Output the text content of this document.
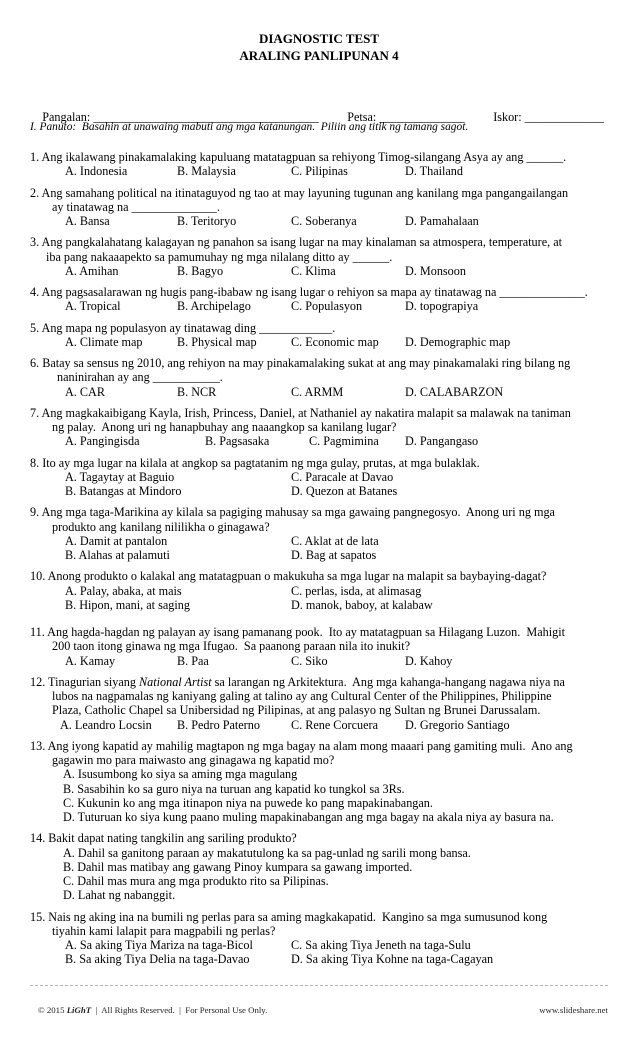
DIAGNOSTIC TEST
ARALING PANLIPUNAN 4

Pangalan: _____________________________________
	Petsa: ______________
	Iskor: _____________

I. Panuto:  Basahin at unawaing mabuti ang mga katanungan.  Piliin ang titik ng tamang sagot.
1. Ang ikalawang pinakamalaking kapuluang matatagpuan sa rehiyong Timog-silangang Asya ay ang ______.
A. Indonesia	B. Malaysia	C. Pilipinas	D. Thailand
2. Ang samahang political na itinataguyod ng tao at may layuning tugunan ang kanilang mga pangangailangan
ay tinatawag na ______________.
A. Bansa	B. Teritoryo	C. Soberanya	D. Pamahalaan
3. Ang pangkalahatang kalagayan ng panahon sa isang lugar na may kinalaman sa atmospera, temperature, at
iba pang nakaaapekto sa pamumuhay ng mga nilalang ditto ay ______.
A. Amihan	B. Bagyo	C. Klima	D. Monsoon
4. Ang pagsasalarawan ng hugis pang-ibabaw ng isang lugar o rehiyon sa mapa ay tinatawag na ______________.
A. Tropical	B. Archipelago	C. Populasyon	D. topograpiya
5. Ang mapa ng populasyon ay tinatawag ding ____________.
A. Climate map	B. Physical map	C. Economic map D. Demographic map
6. Batay sa sensus ng 2010, ang rehiyon na may pinakamalaking sukat at ang may pinakamalaki ring bilang ng
naninirahan ay ang ___________.
A. CAR	B. NCR	C. ARMM	D. CALABARZON
7. Ang magkakaibigang Kayla, Irish, Princess, Daniel, at Nathaniel ay nakatira malapit sa malawak na taniman
ng palay.  Anong uri ng hanapbuhay ang naaangkop sa kanilang lugar?
A. Pangingisda	B. Pagsasaka	C. Pagmimina D. Pangangaso
8. Ito ay mga lugar na kilala at angkop sa pagtatanim ng mga gulay, prutas, at mga bulaklak.
A. Tagaytay at Baguio	C. Paracale at Davao
B. Batangas at Mindoro	D. Quezon at Batanes
9. Ang mga taga-Marikina ay kilala sa pagiging mahusay sa mga gawaing pangnegosyo.  Anong uri ng mga
produkto ang kanilang nililikha o ginagawa?
A. Damit at pantalon	C. Aklat at de lata
B. Alahas at palamuti	D. Bag at sapatos
10. Anong produkto o kalakal ang matatagpuan o makukuha sa mga lugar na malapit sa baybaying-dagat?
A. Palay, abaka, at mais	C. perlas, isda, at alimasag
B. Hipon, mani, at saging	D. manok, baboy, at kalabaw
11. Ang hagda-hagdan ng palayan ay isang pamanang pook.  Ito ay matatagpuan sa Hilagang Luzon.  Mahigit
200 taon itong ginawa ng mga Ifugao.  Sa paanong paraan nila ito inukit?
A. Kamay	B. Paa	C. Siko	D. Kahoy
12. Tinagurian siyang National Artist sa larangan ng Arkitektura.  Ang mga kahanga-hangang nagawa niya na
lubos na nagpamalas ng kaniyang galing at talino ay ang Cultural Center of the Philippines, Philippine
Plaza, Catholic Chapel sa Unibersidad ng Pilipinas, at ang palasyo ng Sultan ng Brunei Darussalam.
A. Leandro Locsin B. Pedro Paterno	C. Rene Corcuera D. Gregorio Santiago
13. Ang iyong kapatid ay mahilig magtapon ng mga bagay na alam mong maaari pang gamiting muli.  Ano ang
gagawin mo para maiwasto ang ginagawa ng kapatid mo?
A. Isusumbong ko siya sa aming mga magulang
B. Sasabihin ko sa guro niya na turuan ang kapatid ko tungkol sa 3Rs.
C. Kukunin ko ang mga itinapon niya na puwede ko pang mapakinabangan.
D. Tuturuan ko siya kung paano muling mapakinabangan ang mga bagay na akala niya ay basura na.
14. Bakit dapat nating tangkilin ang sariling produkto?
A. Dahil sa ganitong paraan ay makatutulong ka sa pag-unlad ng sarili mong bansa.
B. Dahil mas matibay ang gawang Pinoy kumpara sa gawang imported.
C. Dahil mas mura ang mga produkto rito sa Pilipinas.
D. Lahat ng nabanggit.
15. Nais ng aking ina na bumili ng perlas para sa aming magkakapatid.  Kangino sa mga sumusunod kong
tiyahin kami lalapit para magpabili ng perlas?
A. Sa aking Tiya Mariza na taga-Bicol	C. Sa aking Tiya Jeneth na taga-Sulu
B. Sa aking Tiya Delia na taga-Davao	D. Sa aking Tiya Kohne na taga-Cagayan
© 2015 LiGhT  |  All Rights Reserved.  |  For Personal Use Only.	www.slideshare.net
